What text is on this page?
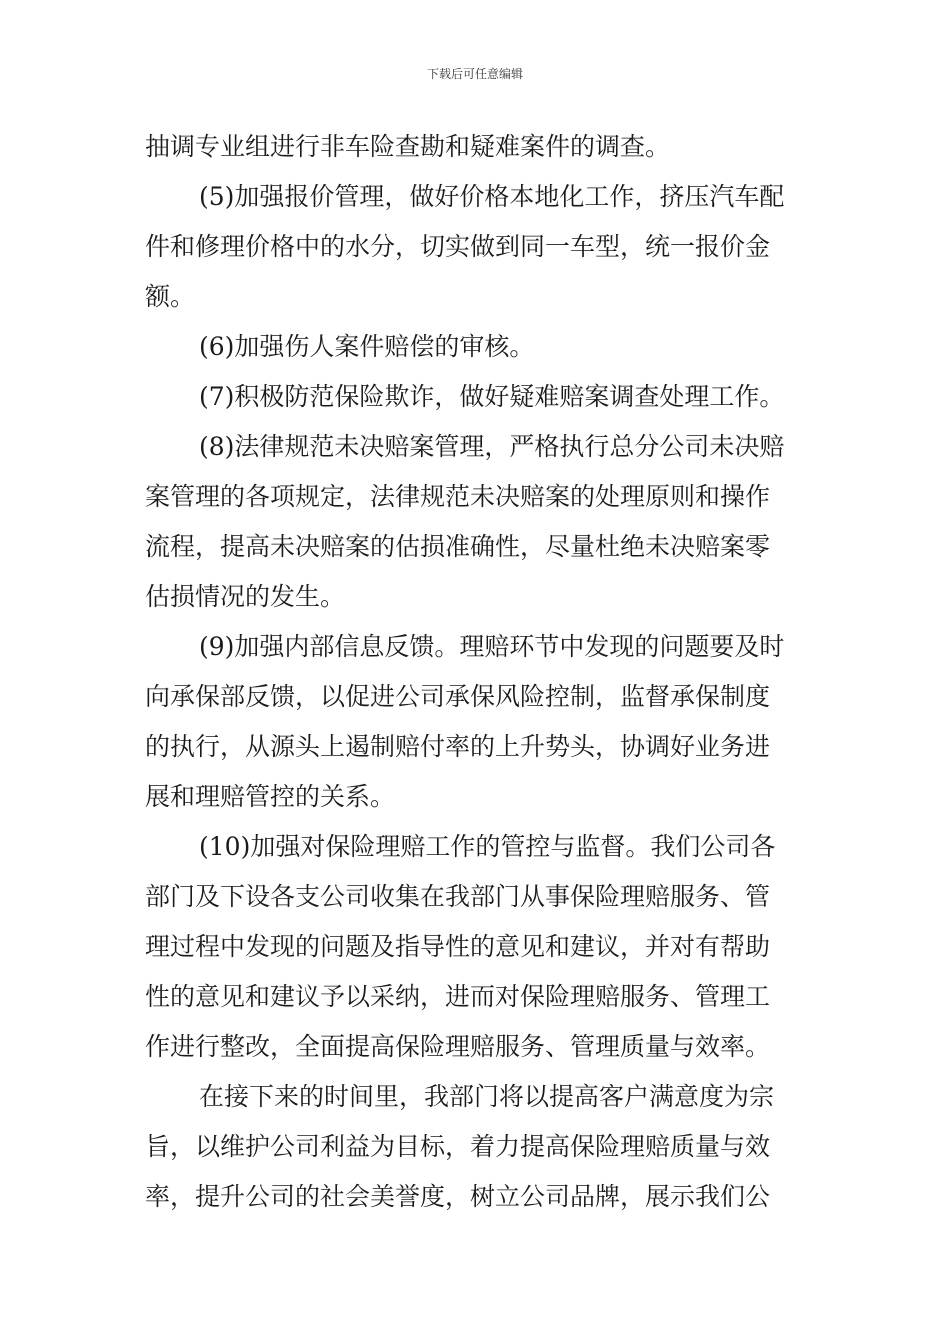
下载后可任意编辑
抽调专业组进行非车险查勘和疑难案件的调查。
(5)加强报价管理，做好价格本地化工作，挤压汽车配
件和修理价格中的水分，切实做到同一车型，统一报价金
额。
(6)加强伤人案件赔偿的审核。
(7)积极防范保险欺诈，做好疑难赔案调查处理工作。
(8)法律规范未决赔案管理，严格执行总分公司未决赔
案管理的各项规定，法律规范未决赔案的处理原则和操作
流程，提高未决赔案的估损准确性，尽量杜绝未决赔案零
估损情况的发生。
(9)加强内部信息反馈。理赔环节中发现的问题要及时
向承保部反馈，以促进公司承保风险控制，监督承保制度
的执行，从源头上遏制赔付率的上升势头，协调好业务进
展和理赔管控的关系。
(10)加强对保险理赔工作的管控与监督。我们公司各
部门及下设各支公司收集在我部门从事保险理赔服务、管
理过程中发现的问题及指导性的意见和建议，并对有帮助
性的意见和建议予以采纳，进而对保险理赔服务、管理工
作进行整改，全面提高保险理赔服务、管理质量与效率。
在接下来的时间里，我部门将以提高客户满意度为宗
旨，以维护公司利益为目标，着力提高保险理赔质量与效
率，提升公司的社会美誉度，树立公司品牌，展示我们公
